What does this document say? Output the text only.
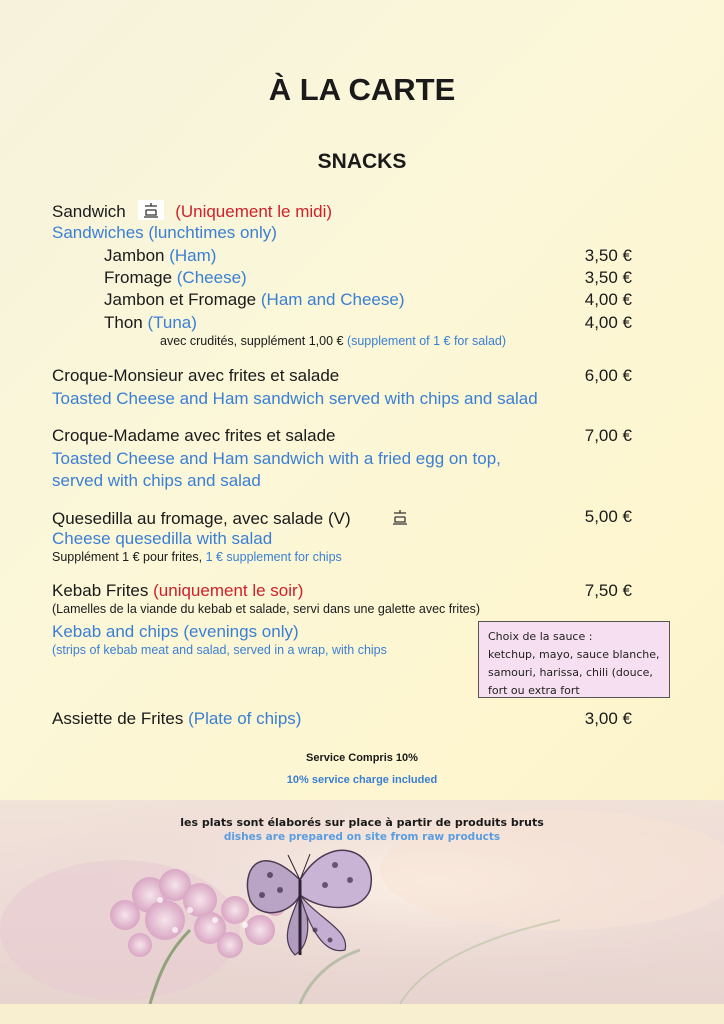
À LA CARTE
SNACKS
Sandwich	(Uniquement le midi)
Sandwiches (lunchtimes only)
Jambon (Ham)	3,50 €
Fromage (Cheese)	3,50 €
Jambon et Fromage (Ham and Cheese)	4,00 €
Thon (Tuna)	4,00 €
avec crudités, supplément 1,00 € (supplement of 1 € for salad)
Croque-Monsieur avec frites et salade	6,00 €
Toasted Cheese and Ham sandwich served with chips and salad
Croque-Madame avec frites et salade	7,00 €
Toasted Cheese and Ham sandwich with a fried egg on top,
served with chips and salad
Quesedilla au fromage, avec salade (V)	5,00 €
Cheese quesedilla with salad
Supplément 1 € pour frites, 1 € supplement for chips
Kebab Frites (uniquement le soir)	7,50 €
(Lamelles de la viande du kebab et salade, servi dans une galette avec frites)
Kebab and chips (evenings only)
(strips of kebab meat and salad, served in a wrap, with chips
Choix de la sauce :
ketchup, mayo, sauce blanche,
samouri, harissa, chili (douce,
fort ou extra fort
Assiette de Frites (Plate of chips)	3,00 €
Service Compris 10%
10% service charge included
les plats sont élaborés sur place à partir de produits bruts
dishes are prepared on site from raw products
